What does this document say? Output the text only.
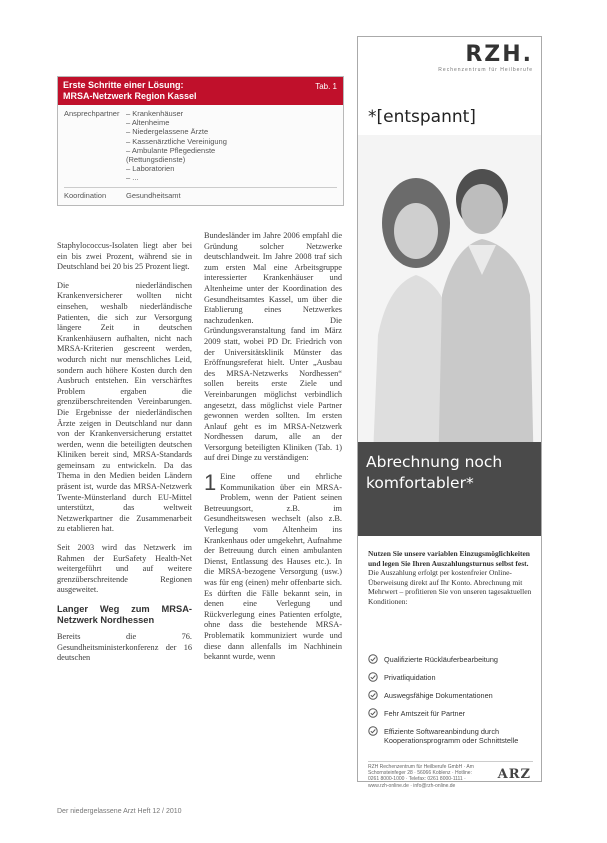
Erste Schritte einer Lösung:
MRSA-Netzwerk Region Kassel
Tab. 1
Ansprechpartner – Krankenhäuser
– Altenheime
– Niedergelassene Ärzte
– Kassenärztliche Vereinigung
– Ambulante Pflegedienste
(Rettungsdienste)
– Laboratorien
– ...
Koordination	Gesundheitsamt

Staphylococcus-Isolaten liegt aber bei ein bis zwei Prozent, während sie in Deutschland bei 20 bis 25 Prozent liegt.

Die niederländischen Krankenversicherer wollten nicht einsehen, weshalb niederländische Patienten, die sich zur Versorgung längere Zeit in deutschen Krankenhäusern aufhalten, nicht nach MRSA-Kriterien gescreent werden, wodurch nicht nur menschliches Leid, sondern auch höhere Kosten durch den Ausbruch entstehen. Ein verschärftes Problem ergaben die grenzüberschreitenden Vereinbarungen. Die Ergebnisse der niederländischen Ärzte zeigen in Deutschland nur dann von der Krankenversicherung erstattet werden, wenn die beteiligten deutschen Kliniken bereit sind, MRSA-Standards gemeinsam zu entwickeln. Da das Thema in den Medien beiden Ländern präsent ist, wurde das MRSA-Netzwerk Twente-Münsterland durch EU-Mittel unterstützt, das weltweit Netzwerkpartner die Zusammenarbeit zu etablieren hat.

Seit 2003 wird das Netzwerk im Rahmen der EurSafety Health-Net weitergeführt und auf weitere grenzüberschreitende Regionen ausgeweitet.

Langer Weg zum MRSA-Netzwerk Nordhessen

Bereits die 76. Gesundheitsministerkonferenz der 16 deutschen

Bundesländer im Jahre 2006 empfahl die Gründung solcher Netzwerke deutschlandweit. Im Jahre 2008 traf sich zum ersten Mal eine Arbeitsgruppe interessierter Krankenhäuser und Altenheime unter der Koordination des Gesundheitsamtes Kassel, um über die Etablierung eines Netzwerkes nachzudenken. Die Gründungsveranstaltung fand im März 2009 statt, wobei PD Dr. Friedrich von der Universitätsklinik Münster das Eröffnungsreferat hielt. Unter „Ausbau des MRSA-Netzwerks Nordhessen“ sollen bereits erste Ziele und Vereinbarungen möglichst verbindlich angesetzt, dass möglichst viele Partner gewonnen werden sollten. Im ersten Anlauf geht es im MRSA-Netzwerk Nordhessen darum, alle an der Versorgung beteiligten Kliniken (Tab. 1) auf drei Dinge zu verständigen:

1 Eine offene und ehrliche Kommunikation über ein MRSA-Problem, wenn der Patient seinen Betreuungsort, z.B. im Gesundheitswesen wechselt (also z.B. Verlegung vom Altenheim ins Krankenhaus oder umgekehrt, Aufnahme der Betreuung durch einen ambulanten Dienst, Entlassung des Hauses etc.). In die MRSA-bezogene Versorgung (usw.) was für eng (einen) mehr offenbarte sich. Es dürften die Fälle bekannt sein, in denen eine Verlegung und Rückverlegung eines Patienten erfolgte, ohne dass die bestehende MRSA-Problematik kommuniziert wurde und diese dann allenfalls im Nachhinein bekannt wurde, wenn

Der niedergelassene Arzt Heft 12 / 2010
RZH.
Rechenzentrum für Heilberufe
*[entspannt]
Abrechnung noch
komfortabler*
Nutzen Sie unsere variablen Einzugsmöglichkeiten und legen Sie Ihren Auszahlungsturnus selbst fest. Die Auszahlung erfolgt per kostenfreier Online-Überweisung direkt auf Ihr Konto. Abrechnung mit Mehrwert – profitieren Sie von unseren tagesaktuellen Konditionen:
Qualifizierte Rückläuferbearbeitung
Privatliquidation
Auswegsfähige Dokumentationen
Fehr Amtszeit für Partner
Effiziente Softwareanbindung durch Kooperationsprogramm oder Schnittstelle
RZH Rechenzentrum für Heilberufe GmbH · Am Schornsteinfeger 28 · 56066 Koblenz · Hotline: 0261 8000-1000 · Telefax: 0261 8000-1111 · www.rzh-online.de · info@rzh-online.de
ARZ
